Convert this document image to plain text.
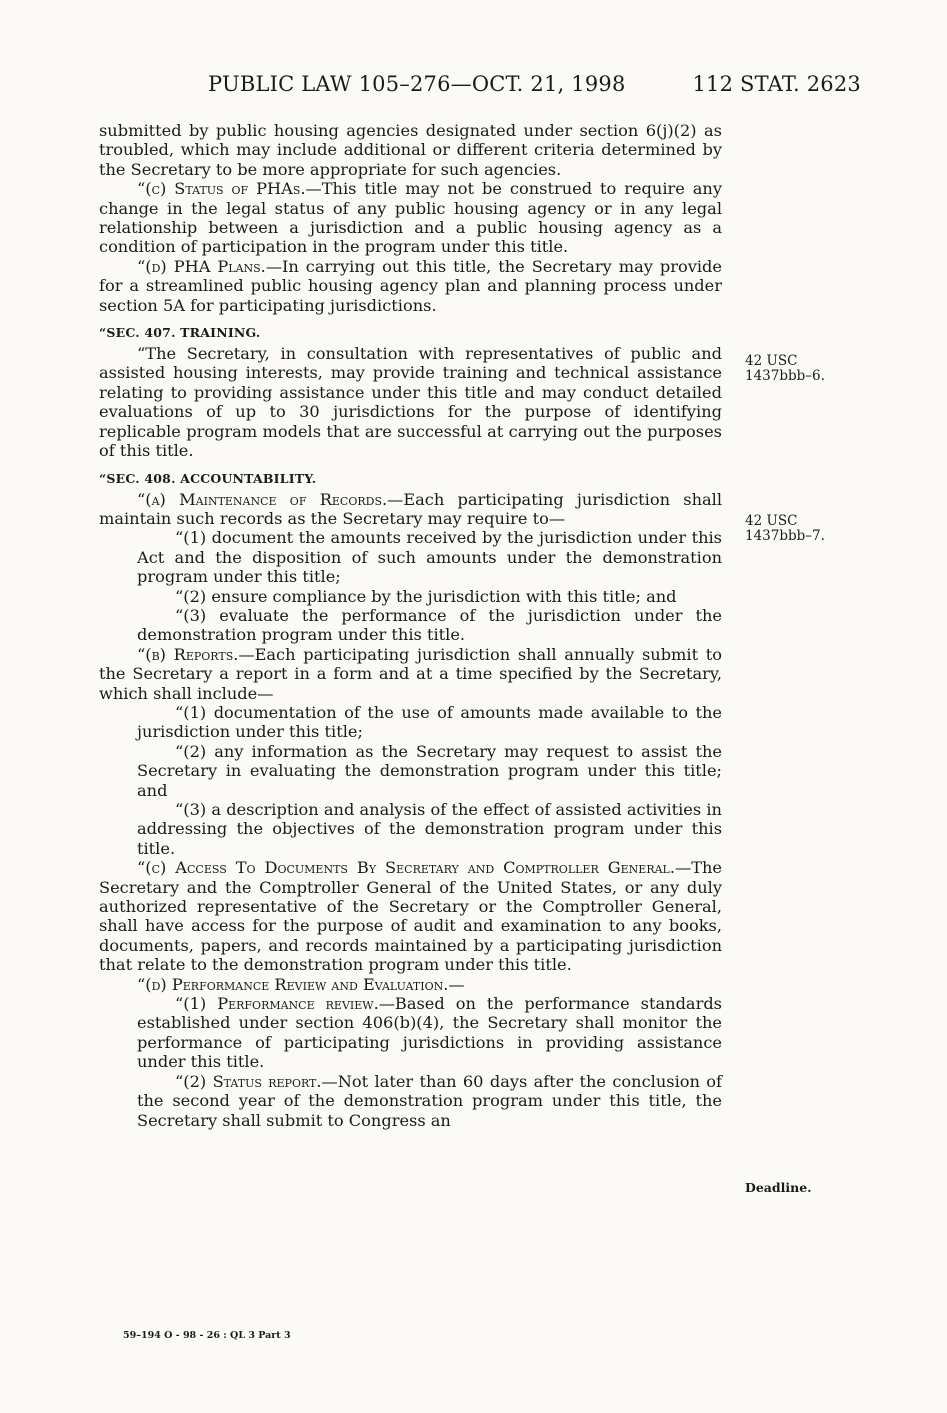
PUBLIC LAW 105–276—OCT. 21, 1998	112 STAT. 2623

submitted by public housing agencies designated under section 6(j)(2) as troubled, which may include additional or different criteria determined by the Secretary to be more appropriate for such agencies.

“(c) Status of PHAs.—This title may not be construed to require any change in the legal status of any public housing agency or in any legal relationship between a jurisdiction and a public housing agency as a condition of participation in the program under this title.

“(d) PHA Plans.—In carrying out this title, the Secretary may provide for a streamlined public housing agency plan and planning process under section 5A for participating jurisdictions.

“SEC. 407. TRAINING.

“The Secretary, in consultation with representatives of public and assisted housing interests, may provide training and technical assistance relating to providing assistance under this title and may conduct detailed evaluations of up to 30 jurisdictions for the purpose of identifying replicable program models that are successful at carrying out the purposes of this title.

“SEC. 408. ACCOUNTABILITY.

“(a) Maintenance of Records.—Each participating jurisdiction shall maintain such records as the Secretary may require to—

“(1) document the amounts received by the jurisdiction under this Act and the disposition of such amounts under the demonstration program under this title;

“(2) ensure compliance by the jurisdiction with this title; and

“(3) evaluate the performance of the jurisdiction under the demonstration program under this title.

“(b) Reports.—Each participating jurisdiction shall annually submit to the Secretary a report in a form and at a time specified by the Secretary, which shall include—

“(1) documentation of the use of amounts made available to the jurisdiction under this title;

“(2) any information as the Secretary may request to assist the Secretary in evaluating the demonstration program under this title; and

“(3) a description and analysis of the effect of assisted activities in addressing the objectives of the demonstration program under this title.

“(c) Access To Documents By Secretary and Comptroller General.—The Secretary and the Comptroller General of the United States, or any duly authorized representative of the Secretary or the Comptroller General, shall have access for the purpose of audit and examination to any books, documents, papers, and records maintained by a participating jurisdiction that relate to the demonstration program under this title.

“(d) Performance Review and Evaluation.—

“(1) Performance review.—Based on the performance standards established under section 406(b)(4), the Secretary shall monitor the performance of participating jurisdictions in providing assistance under this title.

“(2) Status report.—Not later than 60 days after the conclusion of the second year of the demonstration program under this title, the Secretary shall submit to Congress an

42 USC 1437bbb–6.
42 USC 1437bbb–7.
Deadline.
59–194 O - 98 - 26 : QL 3 Part 3
